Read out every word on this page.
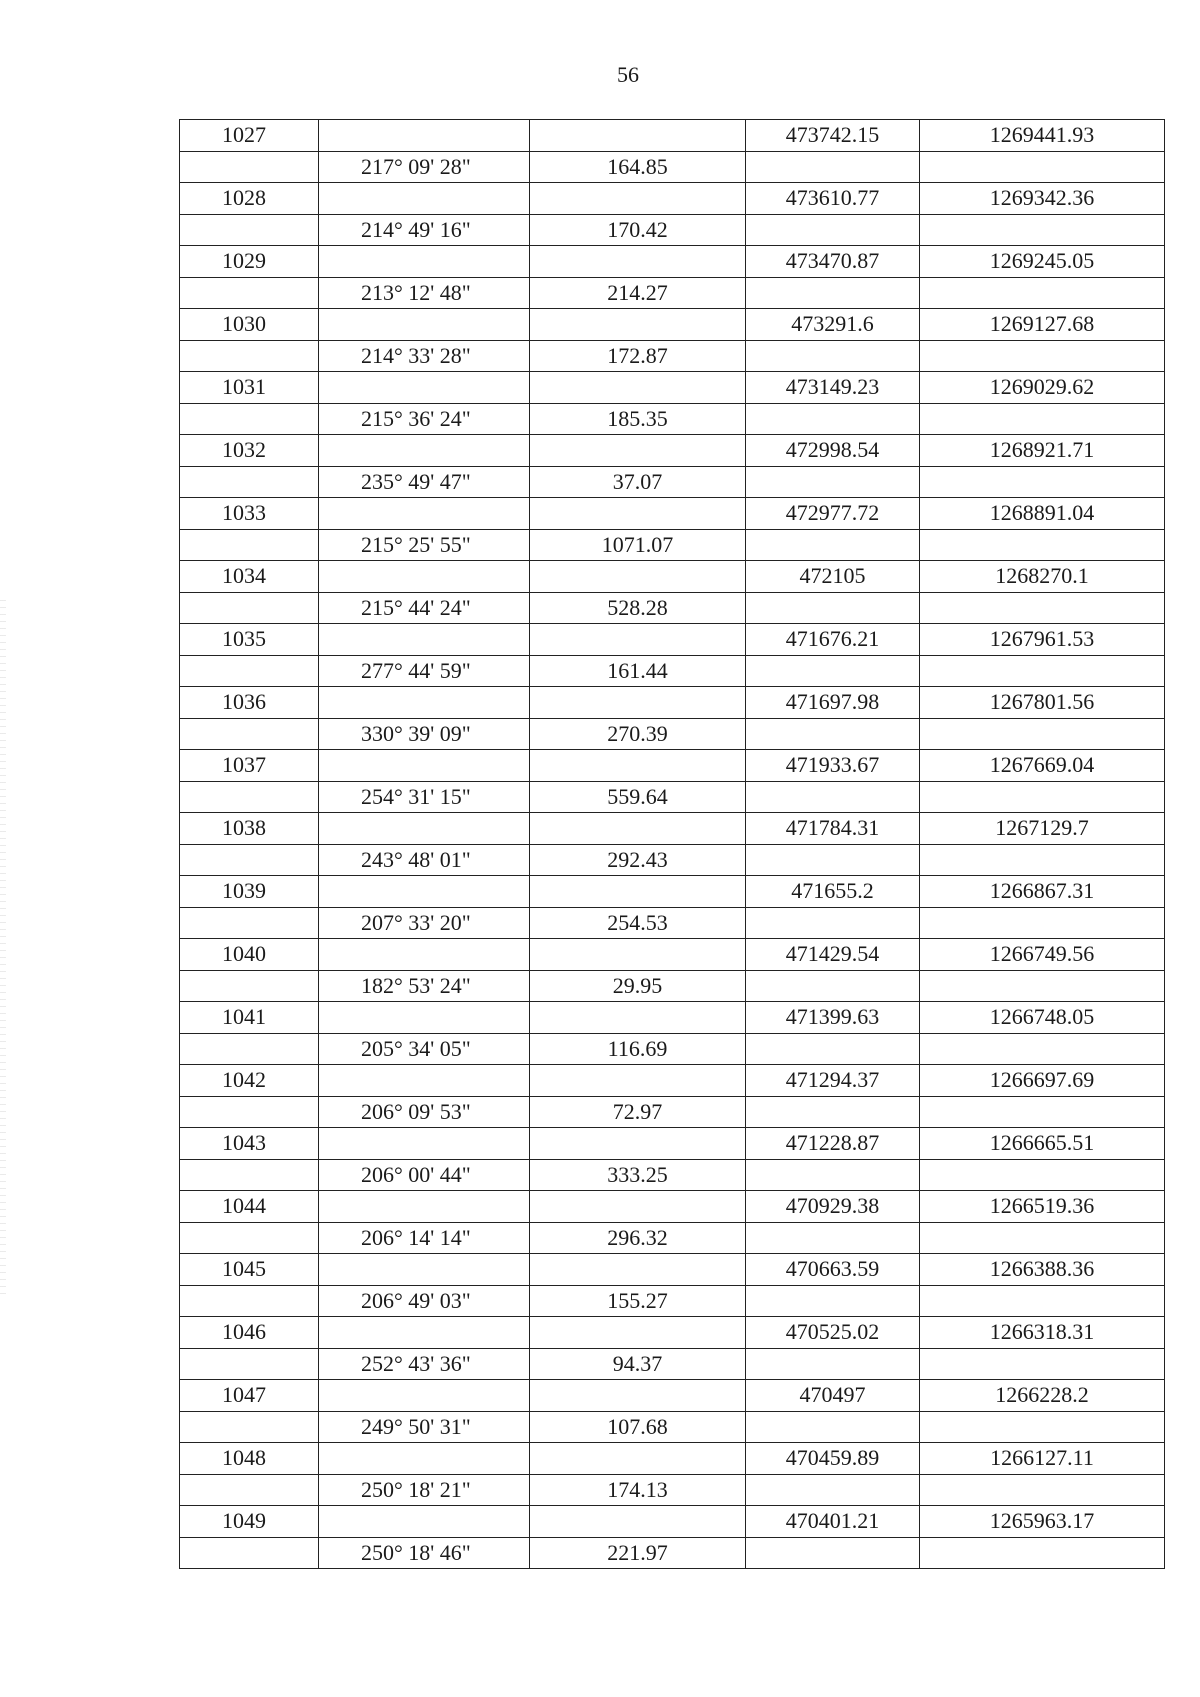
56
1027			473742.15	1269441.93
	217° 09' 28"	164.85		
1028			473610.77	1269342.36
	214° 49' 16"	170.42		
1029			473470.87	1269245.05
	213° 12' 48"	214.27		
1030			473291.6	1269127.68
	214° 33' 28"	172.87		
1031			473149.23	1269029.62
	215° 36' 24"	185.35		
1032			472998.54	1268921.71
	235° 49' 47"	37.07		
1033			472977.72	1268891.04
	215° 25' 55"	1071.07		
1034			472105	1268270.1
	215° 44' 24"	528.28		
1035			471676.21	1267961.53
	277° 44' 59"	161.44		
1036			471697.98	1267801.56
	330° 39' 09"	270.39		
1037			471933.67	1267669.04
	254° 31' 15"	559.64		
1038			471784.31	1267129.7
	243° 48' 01"	292.43		
1039			471655.2	1266867.31
	207° 33' 20"	254.53		
1040			471429.54	1266749.56
	182° 53' 24"	29.95		
1041			471399.63	1266748.05
	205° 34' 05"	116.69		
1042			471294.37	1266697.69
	206° 09' 53"	72.97		
1043			471228.87	1266665.51
	206° 00' 44"	333.25		
1044			470929.38	1266519.36
	206° 14' 14"	296.32		
1045			470663.59	1266388.36
	206° 49' 03"	155.27		
1046			470525.02	1266318.31
	252° 43' 36"	94.37		
1047			470497	1266228.2
	249° 50' 31"	107.68		
1048			470459.89	1266127.11
	250° 18' 21"	174.13		
1049			470401.21	1265963.17
	250° 18' 46"	221.97		
